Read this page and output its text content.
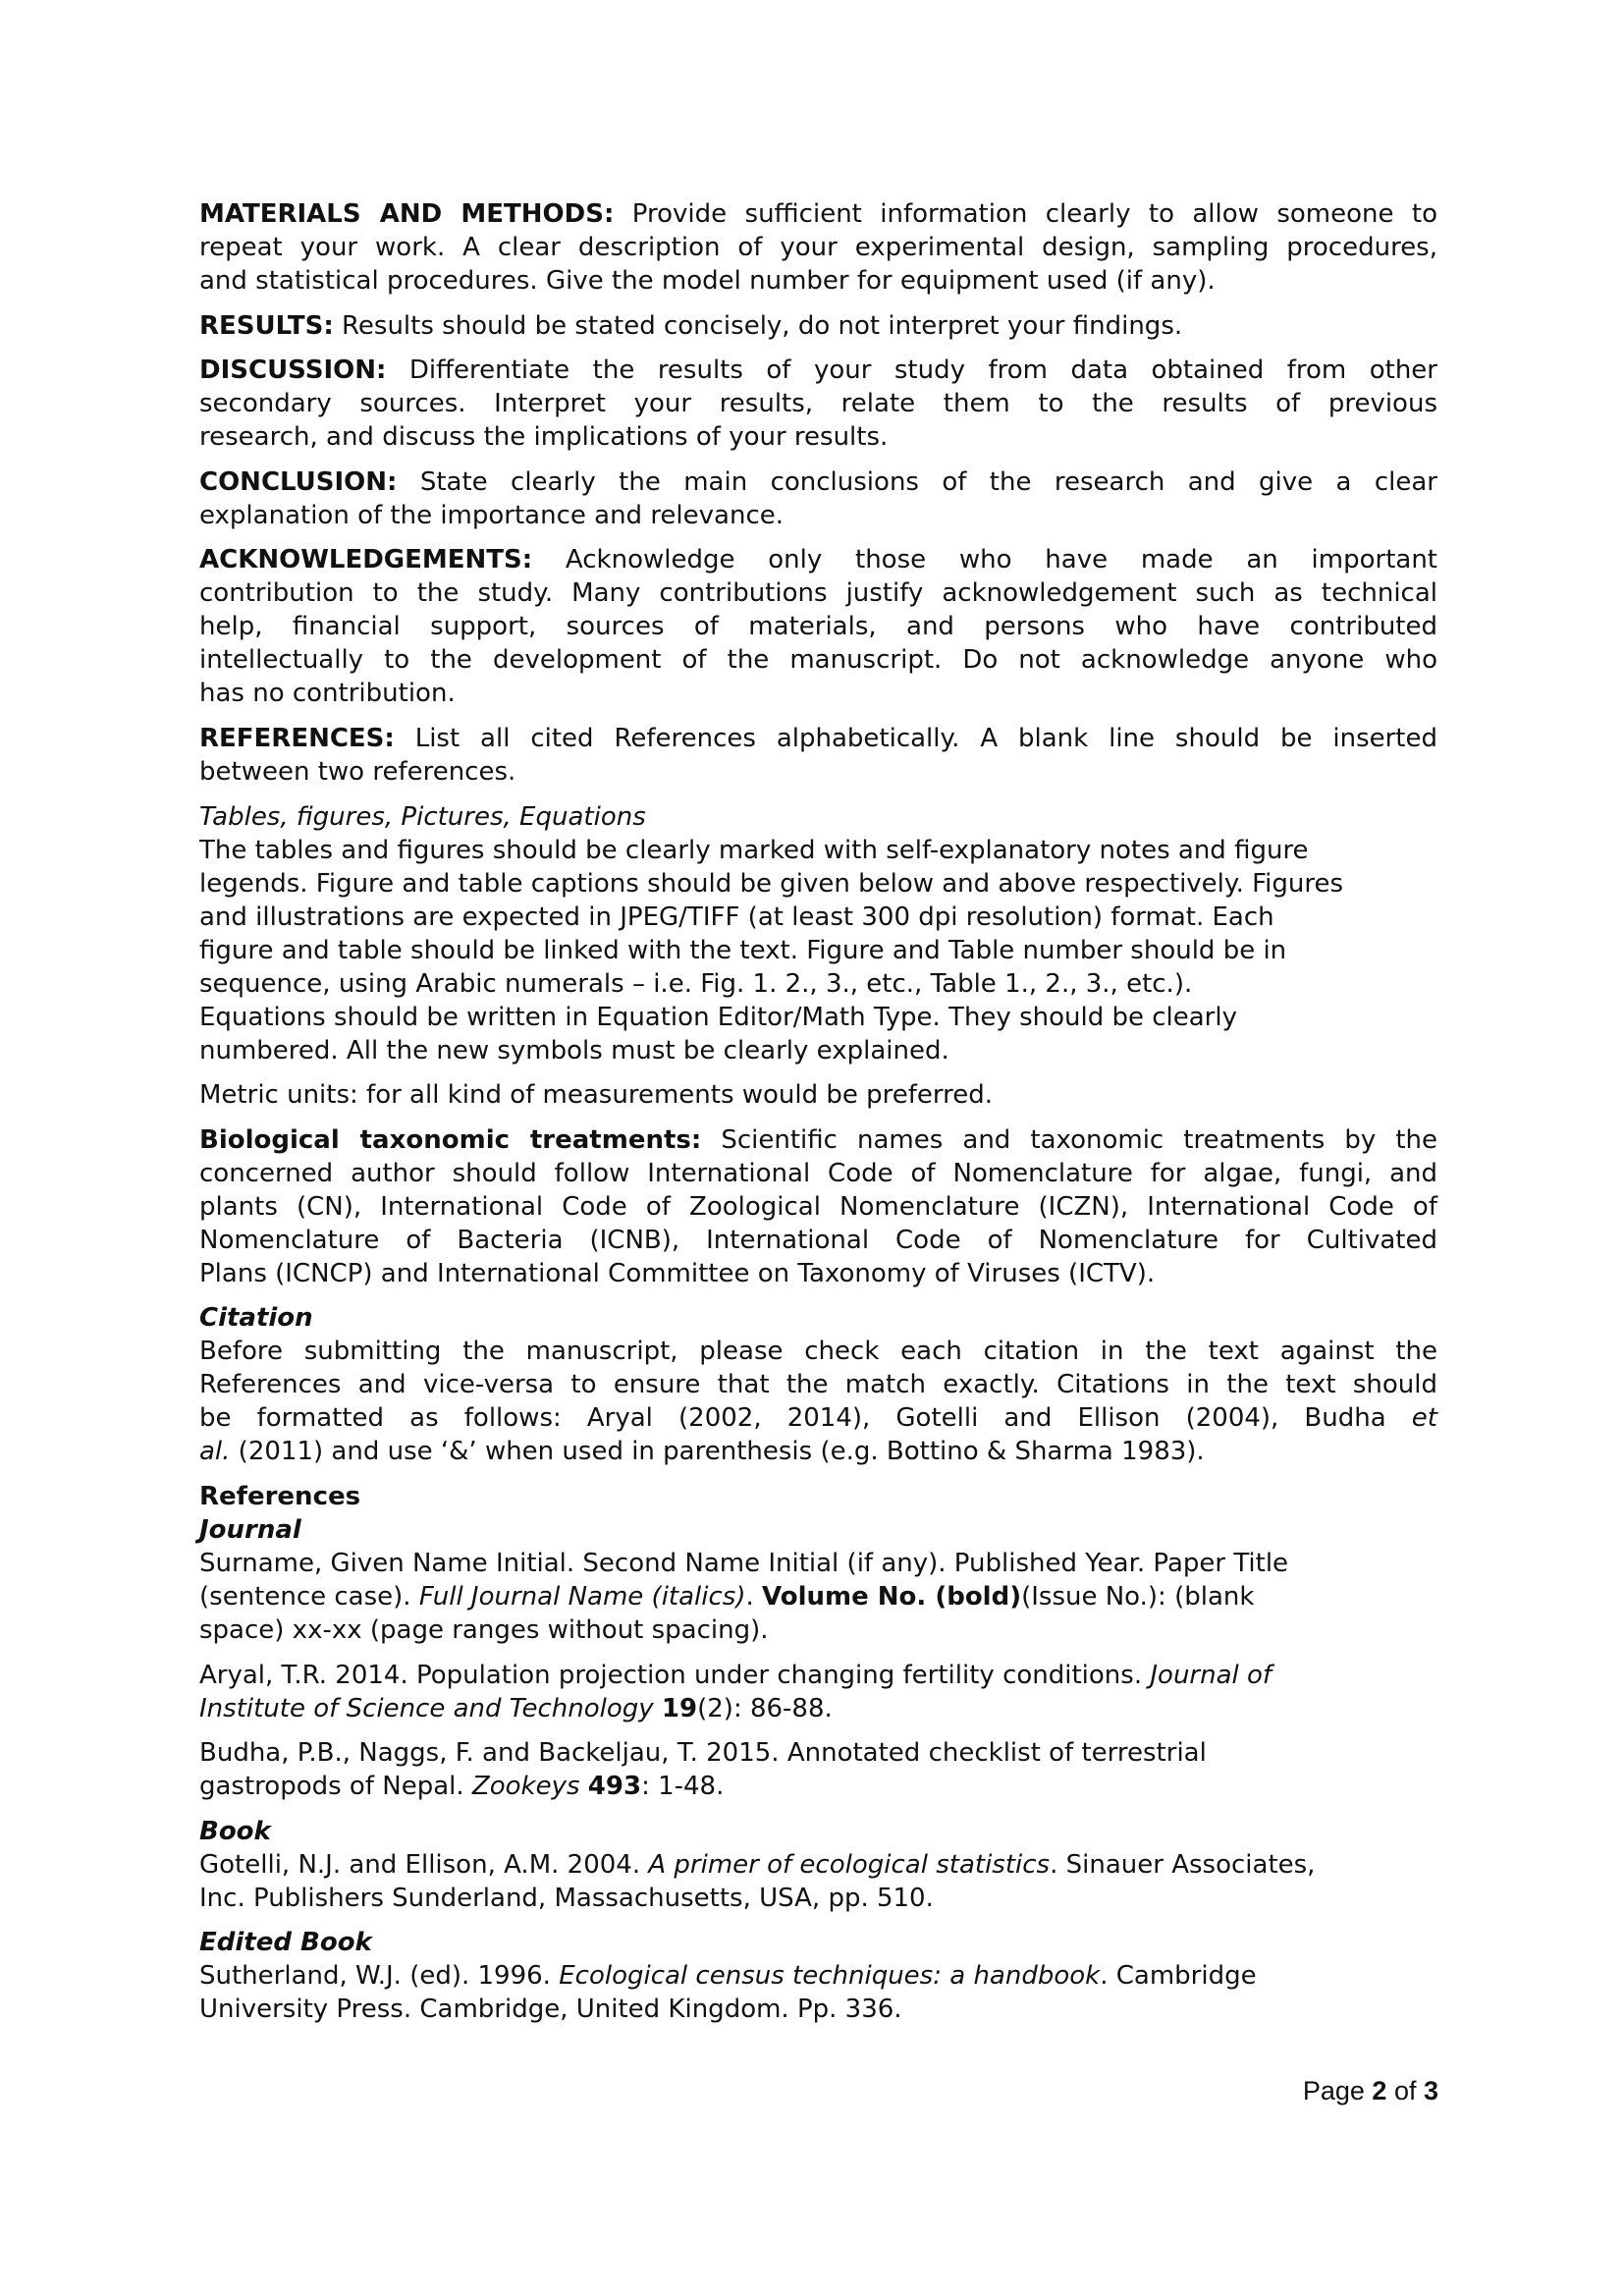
MATERIALS AND METHODS: Provide sufficient information clearly to allow someone to
repeat your work. A clear description of your experimental design, sampling procedures,
and statistical procedures. Give the model number for equipment used (if any).
RESULTS: Results should be stated concisely, do not interpret your findings.
DISCUSSION: Differentiate the results of your study from data obtained from other
secondary sources. Interpret your results, relate them to the results of previous
research, and discuss the implications of your results.
CONCLUSION: State clearly the main conclusions of the research and give a clear
explanation of the importance and relevance.
ACKNOWLEDGEMENTS: Acknowledge only those who have made an important
contribution to the study. Many contributions justify acknowledgement such as technical
help, financial support, sources of materials, and persons who have contributed
intellectually to the development of the manuscript. Do not acknowledge anyone who
has no contribution.
REFERENCES: List all cited References alphabetically. A blank line should be inserted
between two references.
Tables, figures, Pictures, Equations
The tables and figures should be clearly marked with self-explanatory notes and figure
legends. Figure and table captions should be given below and above respectively. Figures
and illustrations are expected in JPEG/TIFF (at least 300 dpi resolution) format. Each
figure and table should be linked with the text. Figure and Table number should be in
sequence, using Arabic numerals – i.e. Fig. 1. 2., 3., etc., Table 1., 2., 3., etc.).
Equations should be written in Equation Editor/Math Type. They should be clearly
numbered. All the new symbols must be clearly explained.
Metric units: for all kind of measurements would be preferred.
Biological taxonomic treatments: Scientific names and taxonomic treatments by the
concerned author should follow International Code of Nomenclature for algae, fungi, and
plants (CN), International Code of Zoological Nomenclature (ICZN), International Code of
Nomenclature of Bacteria (ICNB), International Code of Nomenclature for Cultivated
Plans (ICNCP) and International Committee on Taxonomy of Viruses (ICTV).
Citation
Before submitting the manuscript, please check each citation in the text against the
References and vice-versa to ensure that the match exactly. Citations in the text should
be formatted as follows: Aryal (2002, 2014), Gotelli and Ellison (2004), Budha et
al. (2011) and use ‘&’ when used in parenthesis (e.g. Bottino & Sharma 1983).
References
Journal
Surname, Given Name Initial. Second Name Initial (if any). Published Year. Paper Title
(sentence case). Full Journal Name (italics). Volume No. (bold)(Issue No.): (blank
space) xx-xx (page ranges without spacing).
Aryal, T.R. 2014. Population projection under changing fertility conditions. Journal of
Institute of Science and Technology 19(2): 86-88.
Budha, P.B., Naggs, F. and Backeljau, T. 2015. Annotated checklist of terrestrial
gastropods of Nepal. Zookeys 493: 1-48.
Book
Gotelli, N.J. and Ellison, A.M. 2004. A primer of ecological statistics. Sinauer Associates,
Inc. Publishers Sunderland, Massachusetts, USA, pp. 510.
Edited Book
Sutherland, W.J. (ed). 1996. Ecological census techniques: a handbook. Cambridge
University Press. Cambridge, United Kingdom. Pp. 336.
Page 2 of 3
